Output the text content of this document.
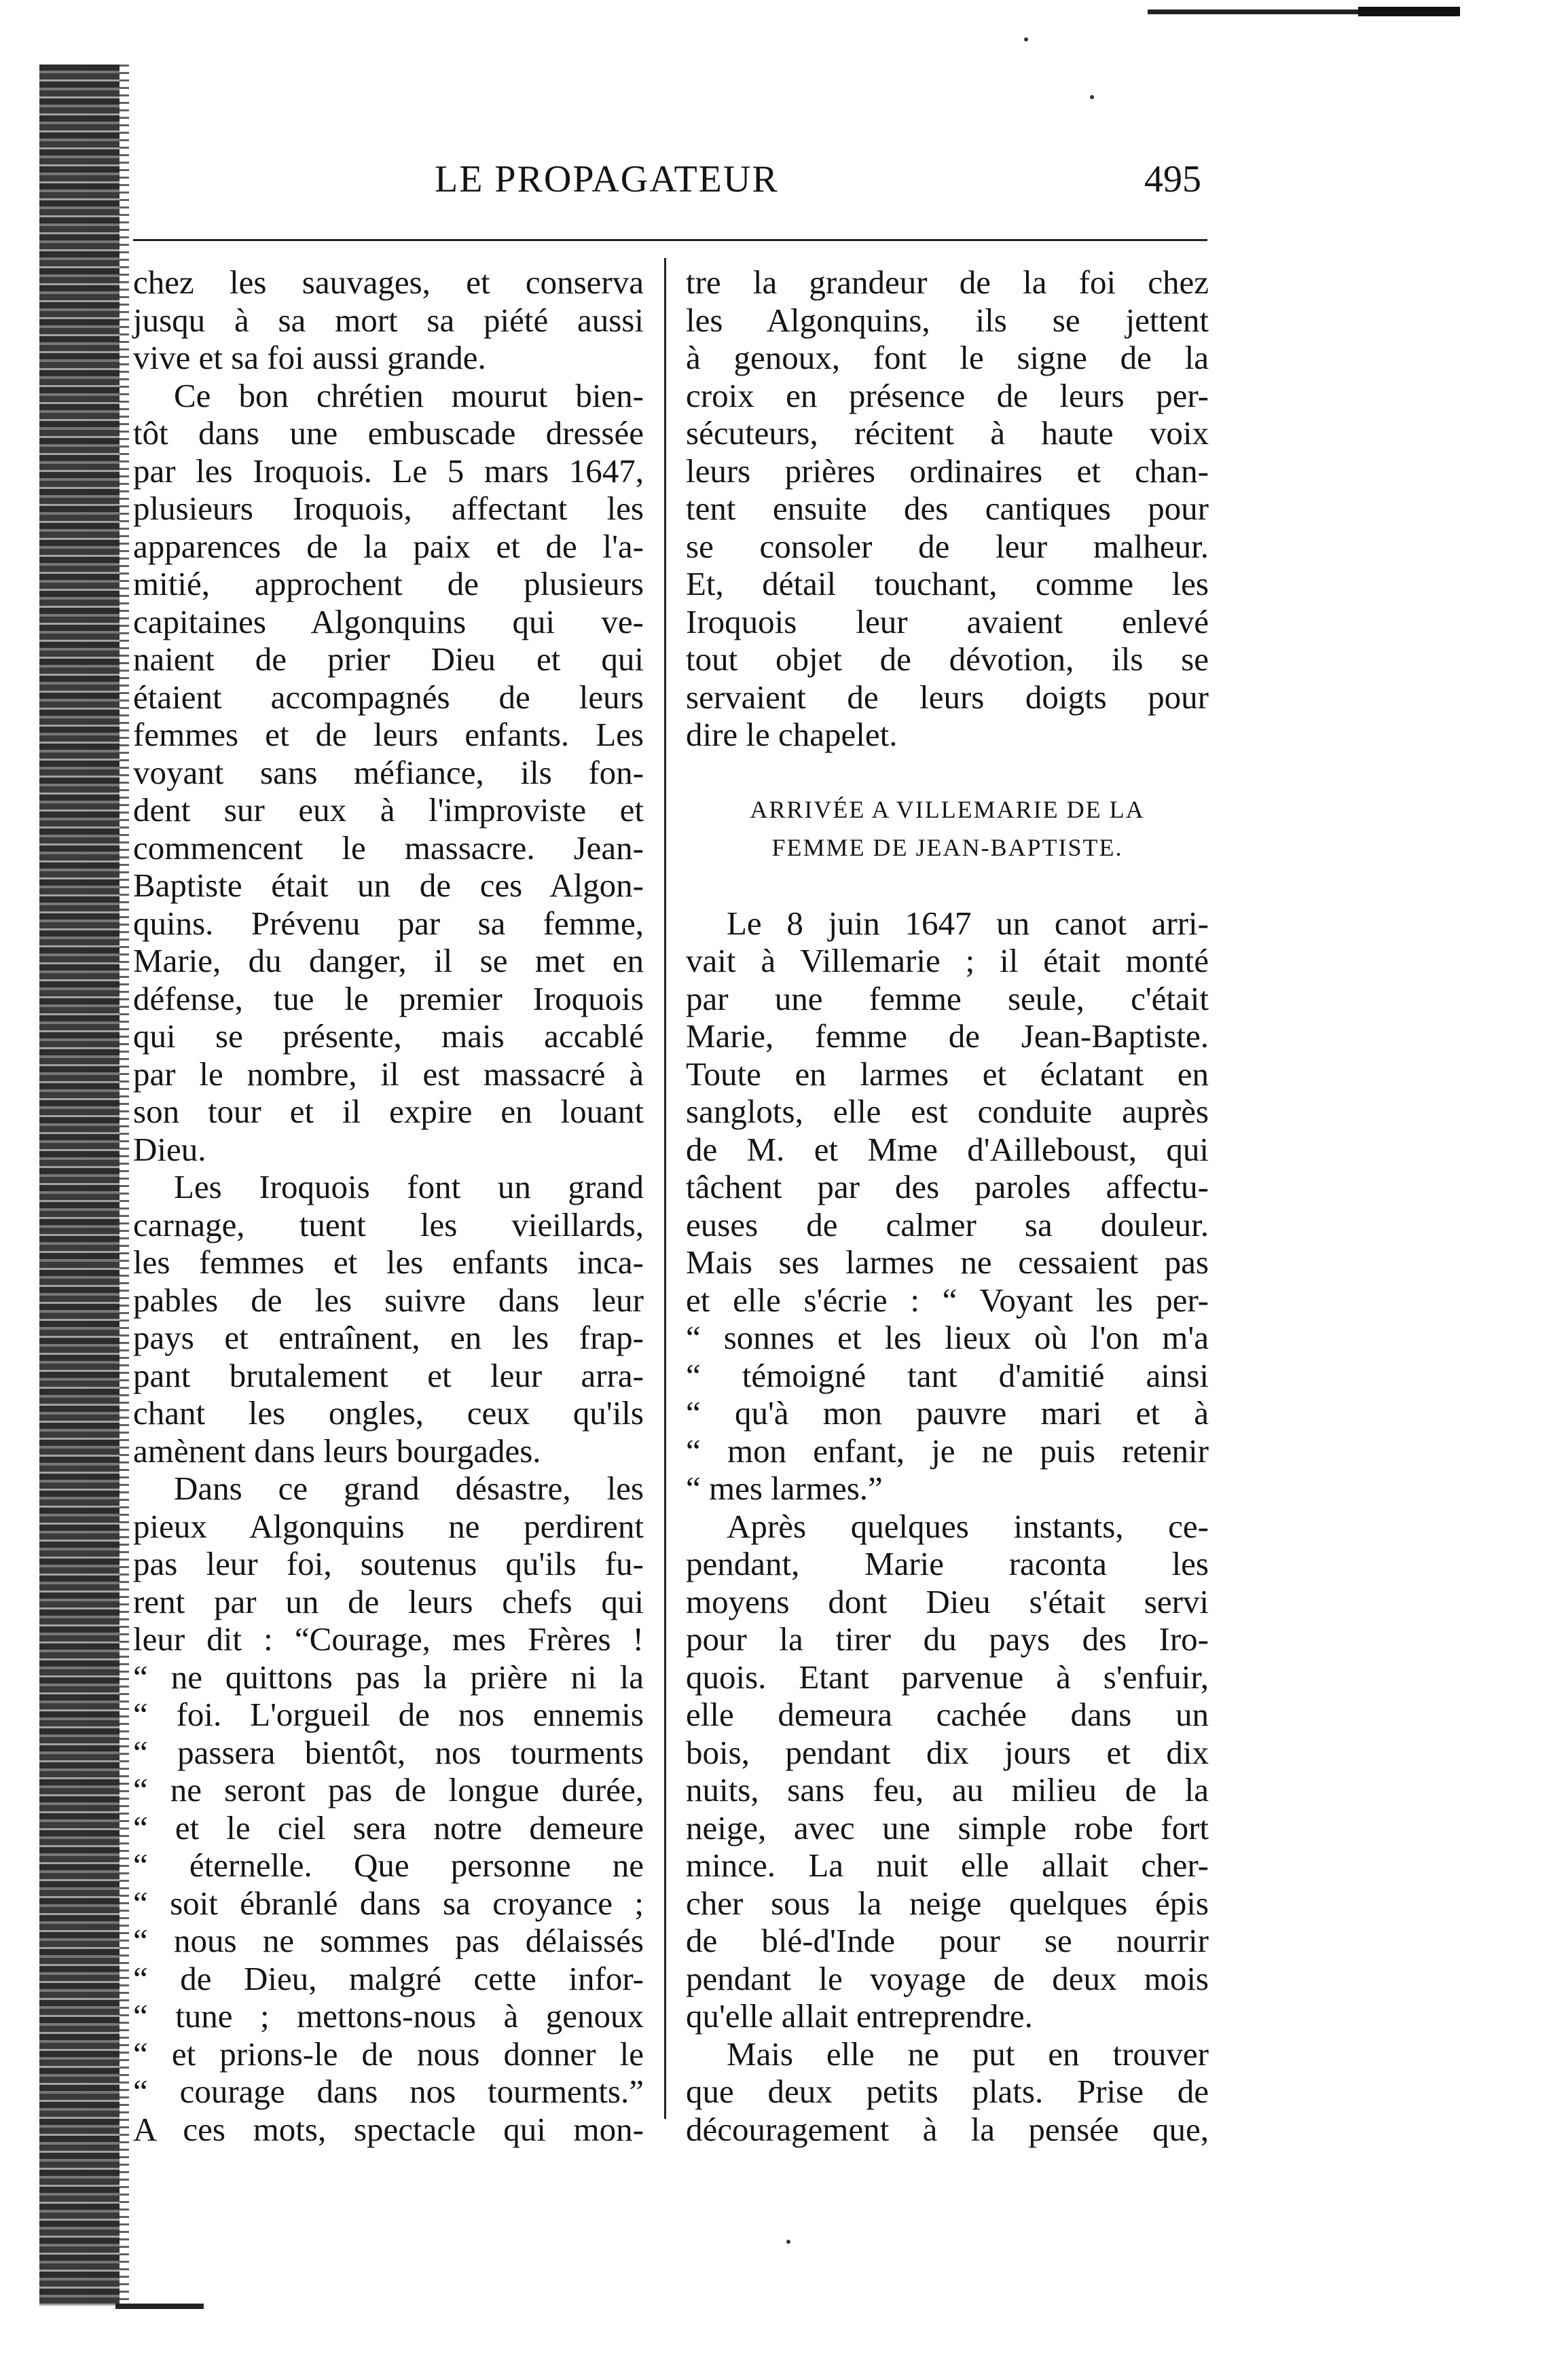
LE PROPAGATEUR	495
chez les sauvages, et conserva
jusqu à sa mort sa piété aussi
vive et sa foi aussi grande.
Ce bon chrétien mourut bien-
tôt dans une embuscade dressée
par les Iroquois. Le 5 mars 1647,
plusieurs Iroquois, affectant les
apparences de la paix et de l'a-
mitié, approchent de plusieurs
capitaines Algonquins qui ve-
naient de prier Dieu et qui
étaient accompagnés de leurs
femmes et de leurs enfants. Les
voyant sans méfiance, ils fon-
dent sur eux à l'improviste et
commencent le massacre. Jean-
Baptiste était un de ces Algon-
quins. Prévenu par sa femme,
Marie, du danger, il se met en
défense, tue le premier Iroquois
qui se présente, mais accablé
par le nombre, il est massacré à
son tour et il expire en louant
Dieu.
Les Iroquois font un grand
carnage, tuent les vieillards,
les femmes et les enfants inca-
pables de les suivre dans leur
pays et entraînent, en les frap-
pant brutalement et leur arra-
chant les ongles, ceux qu'ils
amènent dans leurs bourgades.
Dans ce grand désastre, les
pieux Algonquins ne perdirent
pas leur foi, soutenus qu'ils fu-
rent par un de leurs chefs qui
leur dit : “Courage, mes Frères !
“ ne quittons pas la prière ni la
“ foi. L'orgueil de nos ennemis
“ passera bientôt, nos tourments
“ ne seront pas de longue durée,
“ et le ciel sera notre demeure
“ éternelle. Que personne ne
“ soit ébranlé dans sa croyance ;
“ nous ne sommes pas délaissés
“ de Dieu, malgré cette infor-
“ tune ; mettons-nous à genoux
“ et prions-le de nous donner le
“ courage dans nos tourments.”
A ces mots, spectacle qui mon-
tre la grandeur de la foi chez
les Algonquins, ils se jettent
à genoux, font le signe de la
croix en présence de leurs per-
sécuteurs, récitent à haute voix
leurs prières ordinaires et chan-
tent ensuite des cantiques pour
se consoler de leur malheur.
Et, détail touchant, comme les
Iroquois leur avaient enlevé
tout objet de dévotion, ils se
servaient de leurs doigts pour
dire le chapelet.
ARRIVÉE A VILLEMARIE DE LA
FEMME DE JEAN-BAPTISTE.
Le 8 juin 1647 un canot arri-
vait à Villemarie ; il était monté
par une femme seule, c'était
Marie, femme de Jean-Baptiste.
Toute en larmes et éclatant en
sanglots, elle est conduite auprès
de M. et Mme d'Ailleboust, qui
tâchent par des paroles affectu-
euses de calmer sa douleur.
Mais ses larmes ne cessaient pas
et elle s'écrie : “ Voyant les per-
“ sonnes et les lieux où l'on m'a
“ témoigné tant d'amitié ainsi
“ qu'à mon pauvre mari et à
“ mon enfant, je ne puis retenir
“ mes larmes.”
Après quelques instants, ce-
pendant, Marie raconta les
moyens dont Dieu s'était servi
pour la tirer du pays des Iro-
quois. Etant parvenue à s'enfuir,
elle demeura cachée dans un
bois, pendant dix jours et dix
nuits, sans feu, au milieu de la
neige, avec une simple robe fort
mince. La nuit elle allait cher-
cher sous la neige quelques épis
de blé-d'Inde pour se nourrir
pendant le voyage de deux mois
qu'elle allait entreprendre.
Mais elle ne put en trouver
que deux petits plats. Prise de
découragement à la pensée que,
